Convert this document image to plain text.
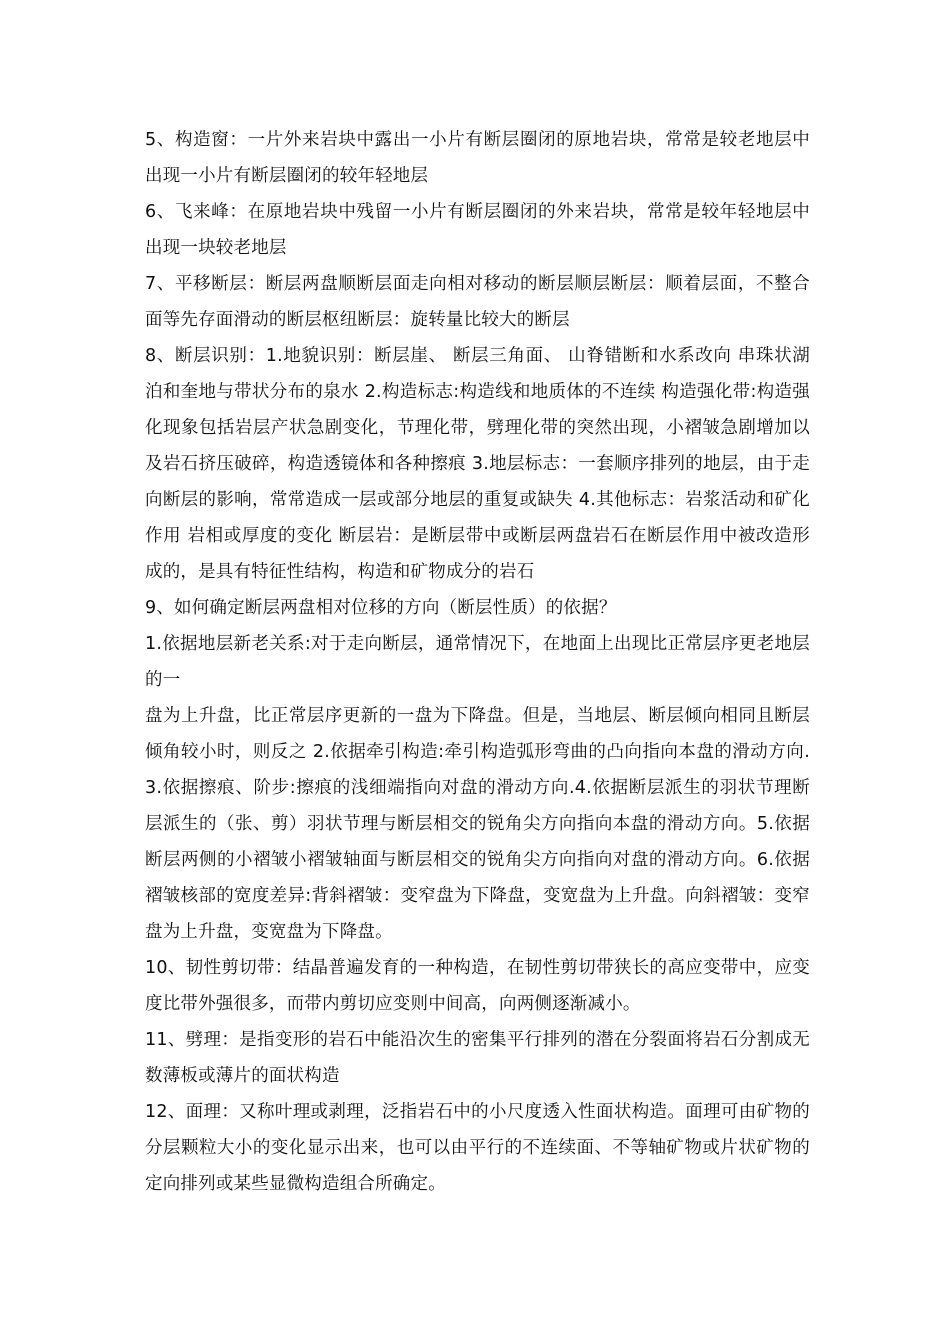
5、构造窗：一片外来岩块中露出一小片有断层圈闭的原地岩块，常常是较老地层中出现一小片有断层圈闭的较年轻地层

6、飞来峰：在原地岩块中残留一小片有断层圈闭的外来岩块，常常是较年轻地层中出现一块较老地层

7、平移断层：断层两盘顺断层面走向相对移动的断层顺层断层：顺着层面，不整合面等先存面滑动的断层枢纽断层：旋转量比较大的断层

8、断层识别：1.地貌识别：断层崖、 断层三角面、 山脊错断和水系改向 串珠状湖泊和奎地与带状分布的泉水 2.构造标志:构造线和地质体的不连续 构造强化带:构造强化现象包括岩层产状急剧变化，节理化带，劈理化带的突然出现，小褶皱急剧增加以及岩石挤压破碎，构造透镜体和各种擦痕 3.地层标志：一套顺序排列的地层，由于走向断层的影响，常常造成一层或部分地层的重复或缺失 4.其他标志：岩浆活动和矿化作用 岩相或厚度的变化 断层岩：是断层带中或断层两盘岩石在断层作用中被改造形成的，是具有特征性结构，构造和矿物成分的岩石

9、如何确定断层两盘相对位移的方向（断层性质）的依据？

1.依据地层新老关系:对于走向断层，通常情况下，在地面上出现比正常层序更老地层的一

盘为上升盘，比正常层序更新的一盘为下降盘。但是，当地层、断层倾向相同且断层倾角较小时，则反之 2.依据牵引构造:牵引构造弧形弯曲的凸向指向本盘的滑动方向.3.依据擦痕、阶步:擦痕的浅细端指向对盘的滑动方向.4.依据断层派生的羽状节理断层派生的（张、剪）羽状节理与断层相交的锐角尖方向指向本盘的滑动方向。5.依据断层两侧的小褶皱小褶皱轴面与断层相交的锐角尖方向指向对盘的滑动方向。6.依据褶皱核部的宽度差异:背斜褶皱：变窄盘为下降盘，变宽盘为上升盘。向斜褶皱：变窄盘为上升盘，变宽盘为下降盘。

10、韧性剪切带：结晶普遍发育的一种构造，在韧性剪切带狭长的高应变带中，应变度比带外强很多，而带内剪切应变则中间高，向两侧逐渐减小。

11、劈理：是指变形的岩石中能沿次生的密集平行排列的潜在分裂面将岩石分割成无数薄板或薄片的面状构造

12、面理：又称叶理或剥理，泛指岩石中的小尺度透入性面状构造。面理可由矿物的分层颗粒大小的变化显示出来，也可以由平行的不连续面、不等轴矿物或片状矿物的定向排列或某些显微构造组合所确定。
